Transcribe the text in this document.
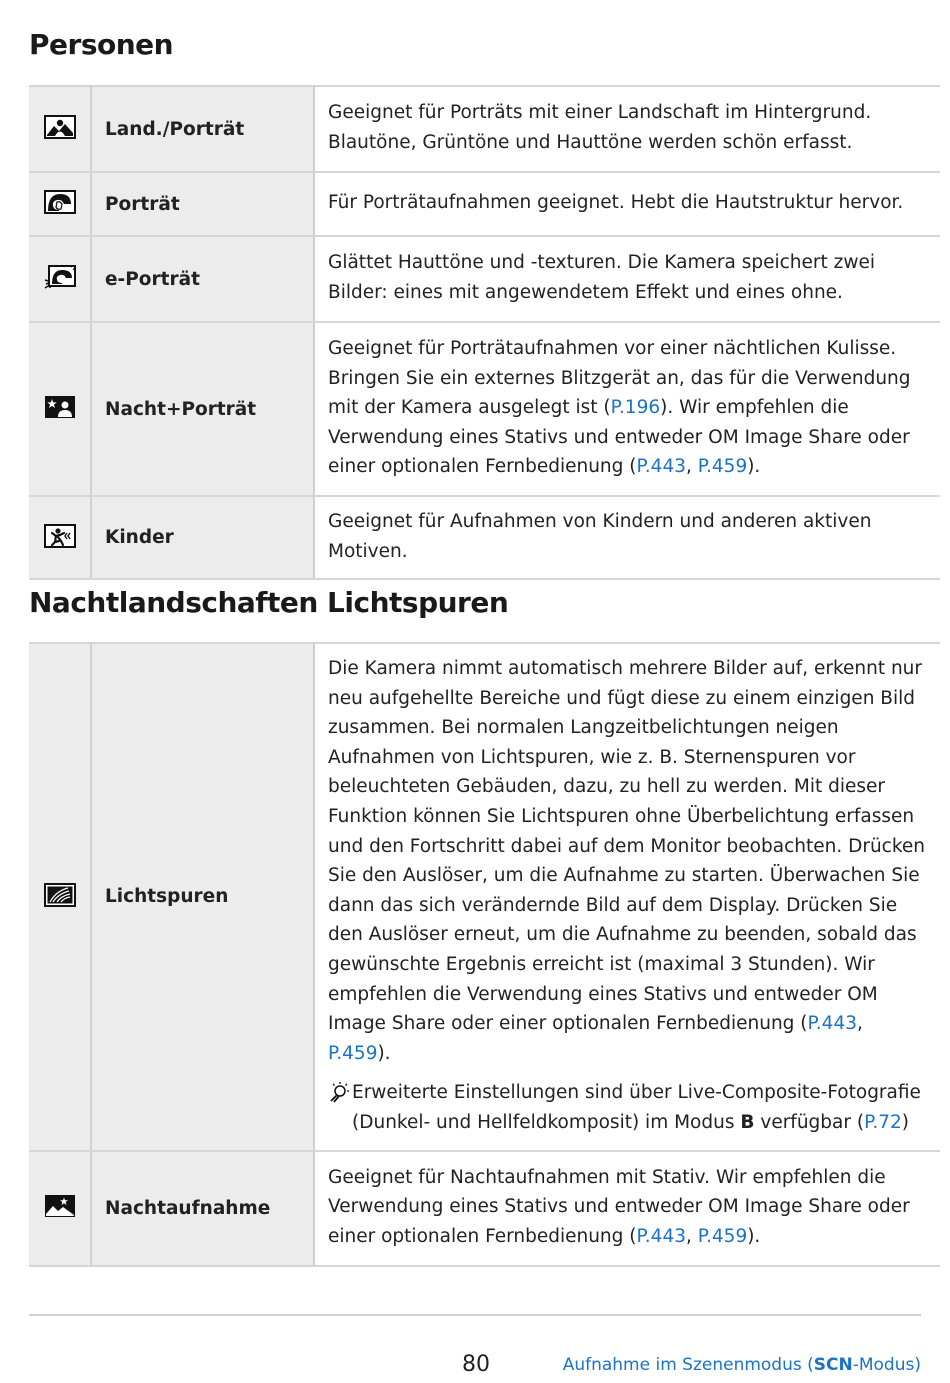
Personen
	Land./Porträt	Geeignet für Porträts mit einer Landschaft im Hintergrund. Blautöne, Grüntöne und Hauttöne werden schön erfasst.

	Porträt	Für Porträtaufnahmen geeignet. Hebt die Hautstruktur hervor.

	e-Porträt	Glättet Hauttöne und -texturen. Die Kamera speichert zwei Bilder: eines mit angewendetem Effekt und eines ohne.

	Nacht+Porträt	Geeignet für Porträtaufnahmen vor einer nächtlichen Kulisse. Bringen Sie ein externes Blitzgerät an, das für die Verwendung mit der Kamera ausgelegt ist (P.196). Wir empfehlen die Verwendung eines Stativs und entweder OM Image Share oder einer optionalen Fernbedienung (P.443, P.459).

	Kinder	Geeignet für Aufnahmen von Kindern und anderen aktiven Motiven.
Nachtlandschaften Lichtspuren
	Lichtspuren	Die Kamera nimmt automatisch mehrere Bilder auf, erkennt nur neu aufgehellte Bereiche und fügt diese zu einem einzigen Bild zusammen. Bei normalen Langzeitbelichtungen neigen Aufnahmen von Lichtspuren, wie z. B. Sternenspuren vor beleuchteten Gebäuden, dazu, zu hell zu werden. Mit dieser Funktion können Sie Lichtspuren ohne Überbelichtung erfassen und den Fortschritt dabei auf dem Monitor beobachten. Drücken Sie den Auslöser, um die Aufnahme zu starten. Überwachen Sie dann das sich verändernde Bild auf dem Display. Drücken Sie den Auslöser erneut, um die Aufnahme zu beenden, sobald das gewünschte Ergebnis erreicht ist (maximal 3 Stunden). Wir empfehlen die Verwendung eines Stativs und entweder OM Image Share oder einer optionalen Fernbedienung (P.443, P.459).
Erweiterte Einstellungen sind über Live-Composite-Fotografie (Dunkel- und Hellfeldkomposit) im Modus B verfügbar (P.72)

	Nachtaufnahme	Geeignet für Nachtaufnahmen mit Stativ. Wir empfehlen die Verwendung eines Stativs und entweder OM Image Share oder einer optionalen Fernbedienung (P.443, P.459).
80	Aufnahme im Szenenmodus (SCN-Modus)
